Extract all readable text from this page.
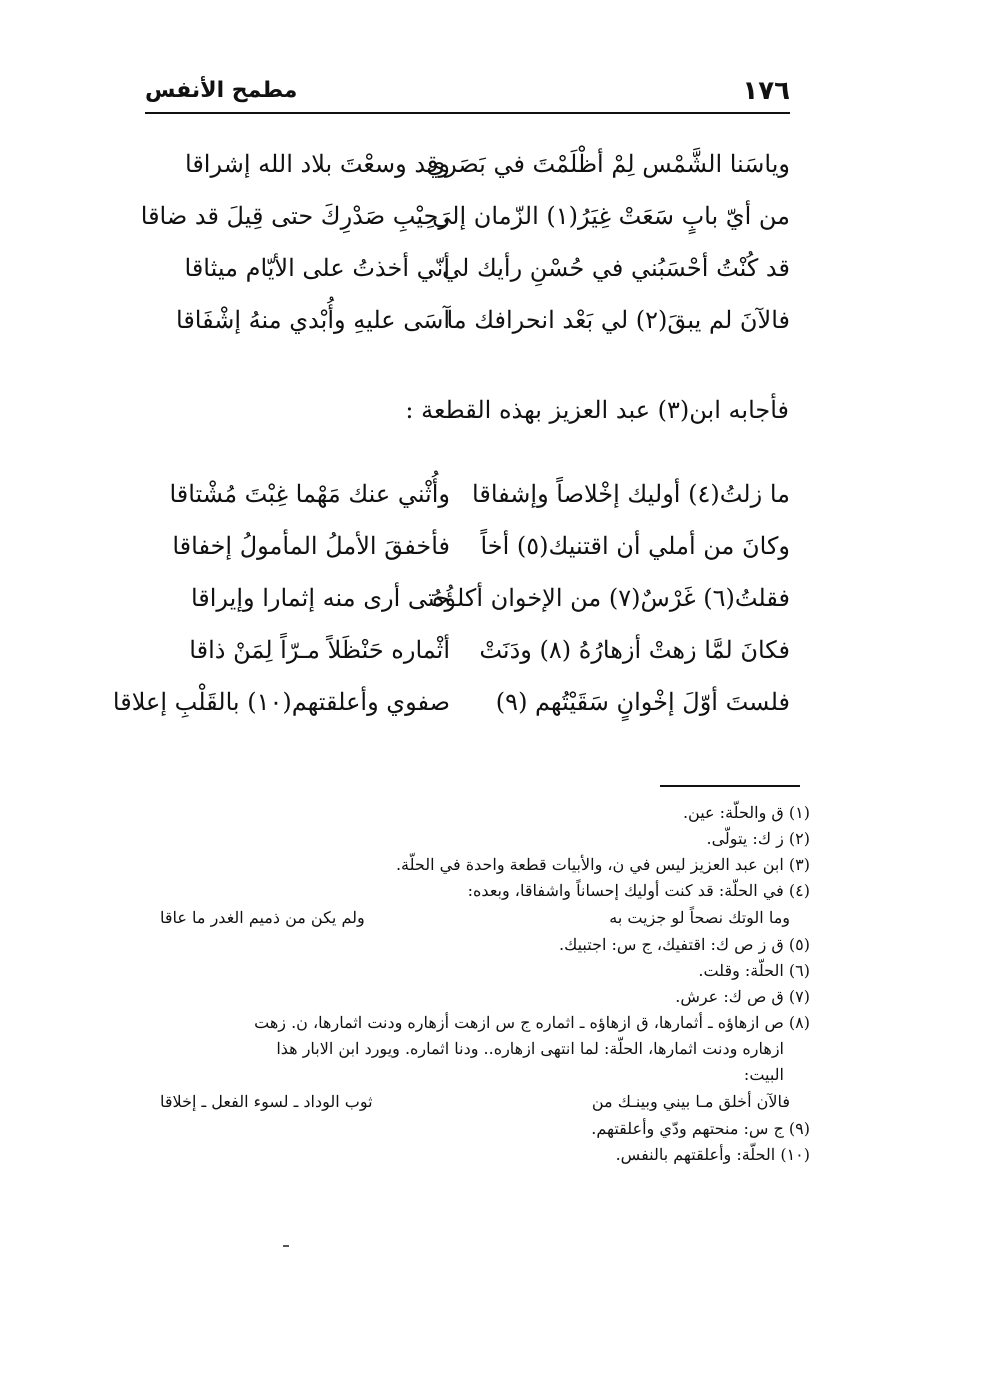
١٧٦
مطمح الأنفس
وياسَنا الشَّمْس لِمْ أظْلَمْتَ في بَصَري
وقد وسعْتَ بلاد الله إشراقا
من أيّ بابٍ سَعَتْ غِيَرُ(١) الزّمان إلى
رَحِيْبِ صَدْرِكَ حتى قِيلَ قد ضاقا
قد كُنْتُ أحْسَبُني في حُسْنِ رأيك لي
أنّي أخذتُ على الأيّام ميثاقا
فالآنَ لم يبقَ(٢) لي بَعْد انحرافك ما
آسَى عليهِ وأُبْدي منهُ إشْفَاقا
فأجابه ابن(٣) عبد العزيز بهذه القطعة :
ما زلتُ(٤) أوليك إخْلاصاً وإشفاقا
وأُثْني عنك مَهْما غِبْتَ مُشْتاقا
وكانَ من أملي أن اقتنيك(٥) أخاً
فأخفقَ الأملُ المأمولُ إخفاقا
فقلتُ(٦) غَرْسٌ(٧) من الإخوان أكلؤُهُ
حتى أرى منه إثمارا وإيراقا
فكانَ لمَّا زهتْ أزهارُهُ (٨) ودَنَتْ
أثْماره حَنْظَلاً مـرّاً لِمَنْ ذاقا
فلستَ أوّلَ إخْوانٍ سَقَيْتُهم (٩)
صفوي وأعلقتهم(١٠) بالقَلْبِ إعلاقا
(١) ق والحلّة: عين.
(٢) ز ك: يتولّى.
(٣) ابن عبد العزيز ليس في ن، والأبيات قطعة واحدة في الحلّة.
(٤) في الحلّة: قد كنت أوليك إحساناً واشفاقا، وبعده:
وما الوتك نصحاً لو جزيت به
ولم يكن من ذميم الغدر ما عاقا
(٥) ق ز ص ك: اقتفيك، ج س: اجتبيك.
(٦) الحلّة: وقلت.
(٧) ق ص ك: عرش.
(٨) ص ازهاؤه ـ أثمارها، ق ازهاؤه ـ اثماره ج س ازهت أزهاره ودنت اثمارها، ن. زهت
ازهاره ودنت اثمارها، الحلّة: لما انتهى ازهاره.. ودنا اثماره. ويورد ابن الابار هذا
البيت:
فالآن أخلق مـا بيني وبينـك من
ثوب الوداد ـ لسوء الفعل ـ إخلاقا
(٩) ج س: منحتهم ودّي وأعلقتهم.
(١٠) الحلّة: وأعلقتهم بالنفس.
